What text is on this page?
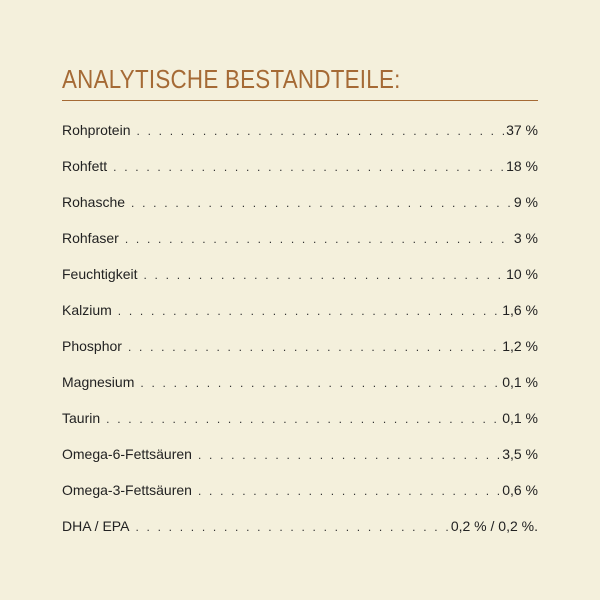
ANALYTISCHE BESTANDTEILE:
Rohprotein . . .	37 %
Rohfett . . .	18 %
Rohasche . . .	9 %
Rohfaser . . .	3 %
Feuchtigkeit . . .	10 %
Kalzium . . .	1,6 %
Phosphor . . .	1,2 %
Magnesium . . .	0,1 %
Taurin . . .	0,1 %
Omega-6-Fettsäuren . . .	3,5 %
Omega-3-Fettsäuren . . .	0,6 %
DHA / EPA . . .	0,2 % / 0,2 %.
